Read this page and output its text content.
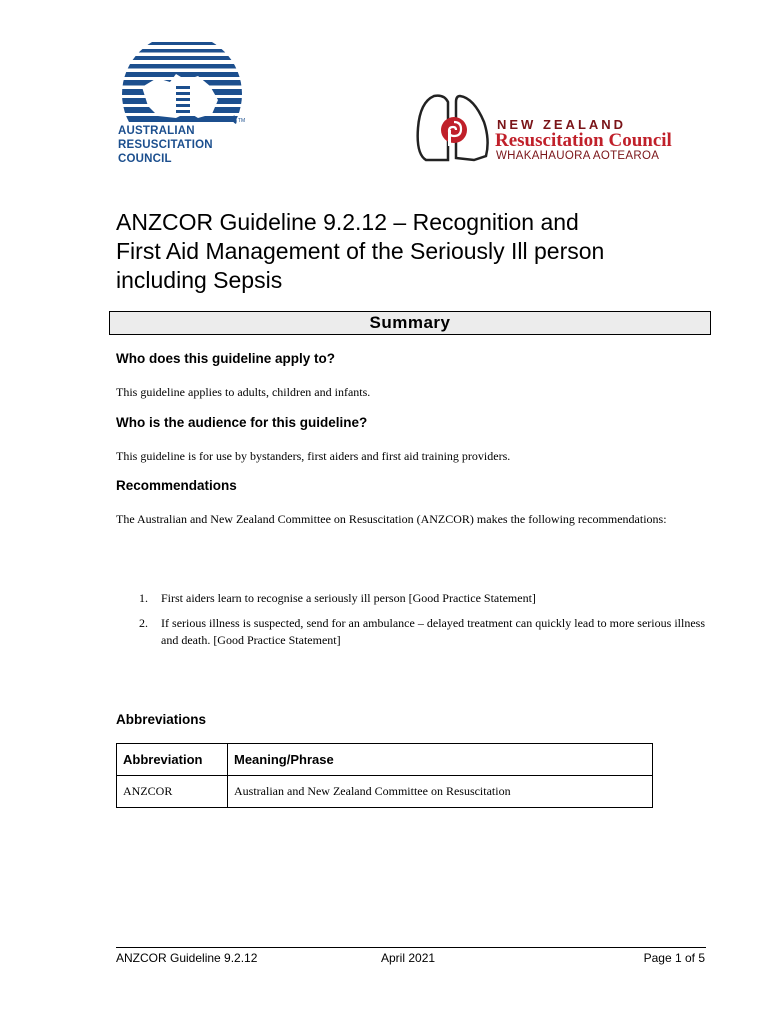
AUSTRALIAN
RESUSCITATION
COUNCIL
TM	NEW ZEALAND
Resuscitation Council
WHAKAHAUORA AOTEAROA
ANZCOR Guideline 9.2.12 – Recognition and
First Aid Management of the Seriously Ill person
including Sepsis
Summary
Who does this guideline apply to?
This guideline applies to adults, children and infants.
Who is the audience for this guideline?
This guideline is for use by bystanders, first aiders and first aid training providers.
Recommendations
The Australian and New Zealand Committee on Resuscitation (ANZCOR) makes the following recommendations:
1.	First aiders learn to recognise a seriously ill person [Good Practice Statement]
2.	If serious illness is suspected, send for an ambulance – delayed treatment can quickly lead to more serious illness and death. [Good Practice Statement]
Abbreviations
Abbreviation	Meaning/Phrase
ANZCOR	Australian and New Zealand Committee on Resuscitation
ANZCOR Guideline 9.2.12	April 2021	Page 1 of 5
